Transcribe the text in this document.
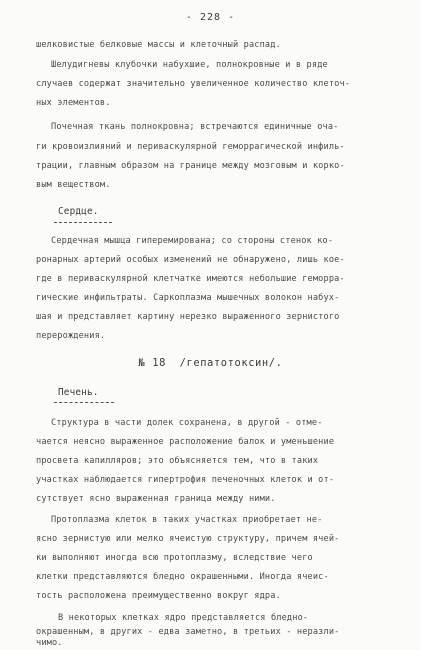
- 228 -
шелковистые белковые массы и клеточный распад.
Шелудигневы клубочки набухшие, полнокровные и в ряде
случаев содержат значительно увеличенное количество клеточ-
ных элементов.
Почечная ткань полнокровна; встречаются единичные оча-
ги кровоизлияний и периваскулярной геморрагической инфиль-
трации, главным образом на границе между мозговым и корко-
вым веществом.
Сердце.
Сердечная мышца гиперемирована; со стороны стенок ко-
ронарных артерий особых изменений не обнаружено, лишь кое-
где в периваскулярной клетчатке имеются небольшие геморра-
гические инфильтраты. Саркоплазма мышечных волокон набух-
шая и представляет картину нерезко выраженного зернистого
перерождения.
№ 18  /гепатотоксин/.
Печень.
Структура в части долек сохранена, в другой - отме-
чается неясно выраженное расположение балок и уменьшение
просвета капилляров; это объясняется тем, что в таких
участках наблюдается гипертрофия печеночных клеток и от-
сутствует ясно выраженная граница между ними.
Протоплазма клеток в таких участках приобретает не-
ясно зернистую или мелко ячеистую структуру, причем ячей-
ки выполняют иногда всю протоплазму, вследствие чего
клетки представляются бледно окрашенными. Иногда ячеис-
тость расположена преимущественно вокруг ядра.
В некоторых клетках ядро представляется бледно-
окрашенным, в других - едва заметно, в третьих - неразли-
чимо.
